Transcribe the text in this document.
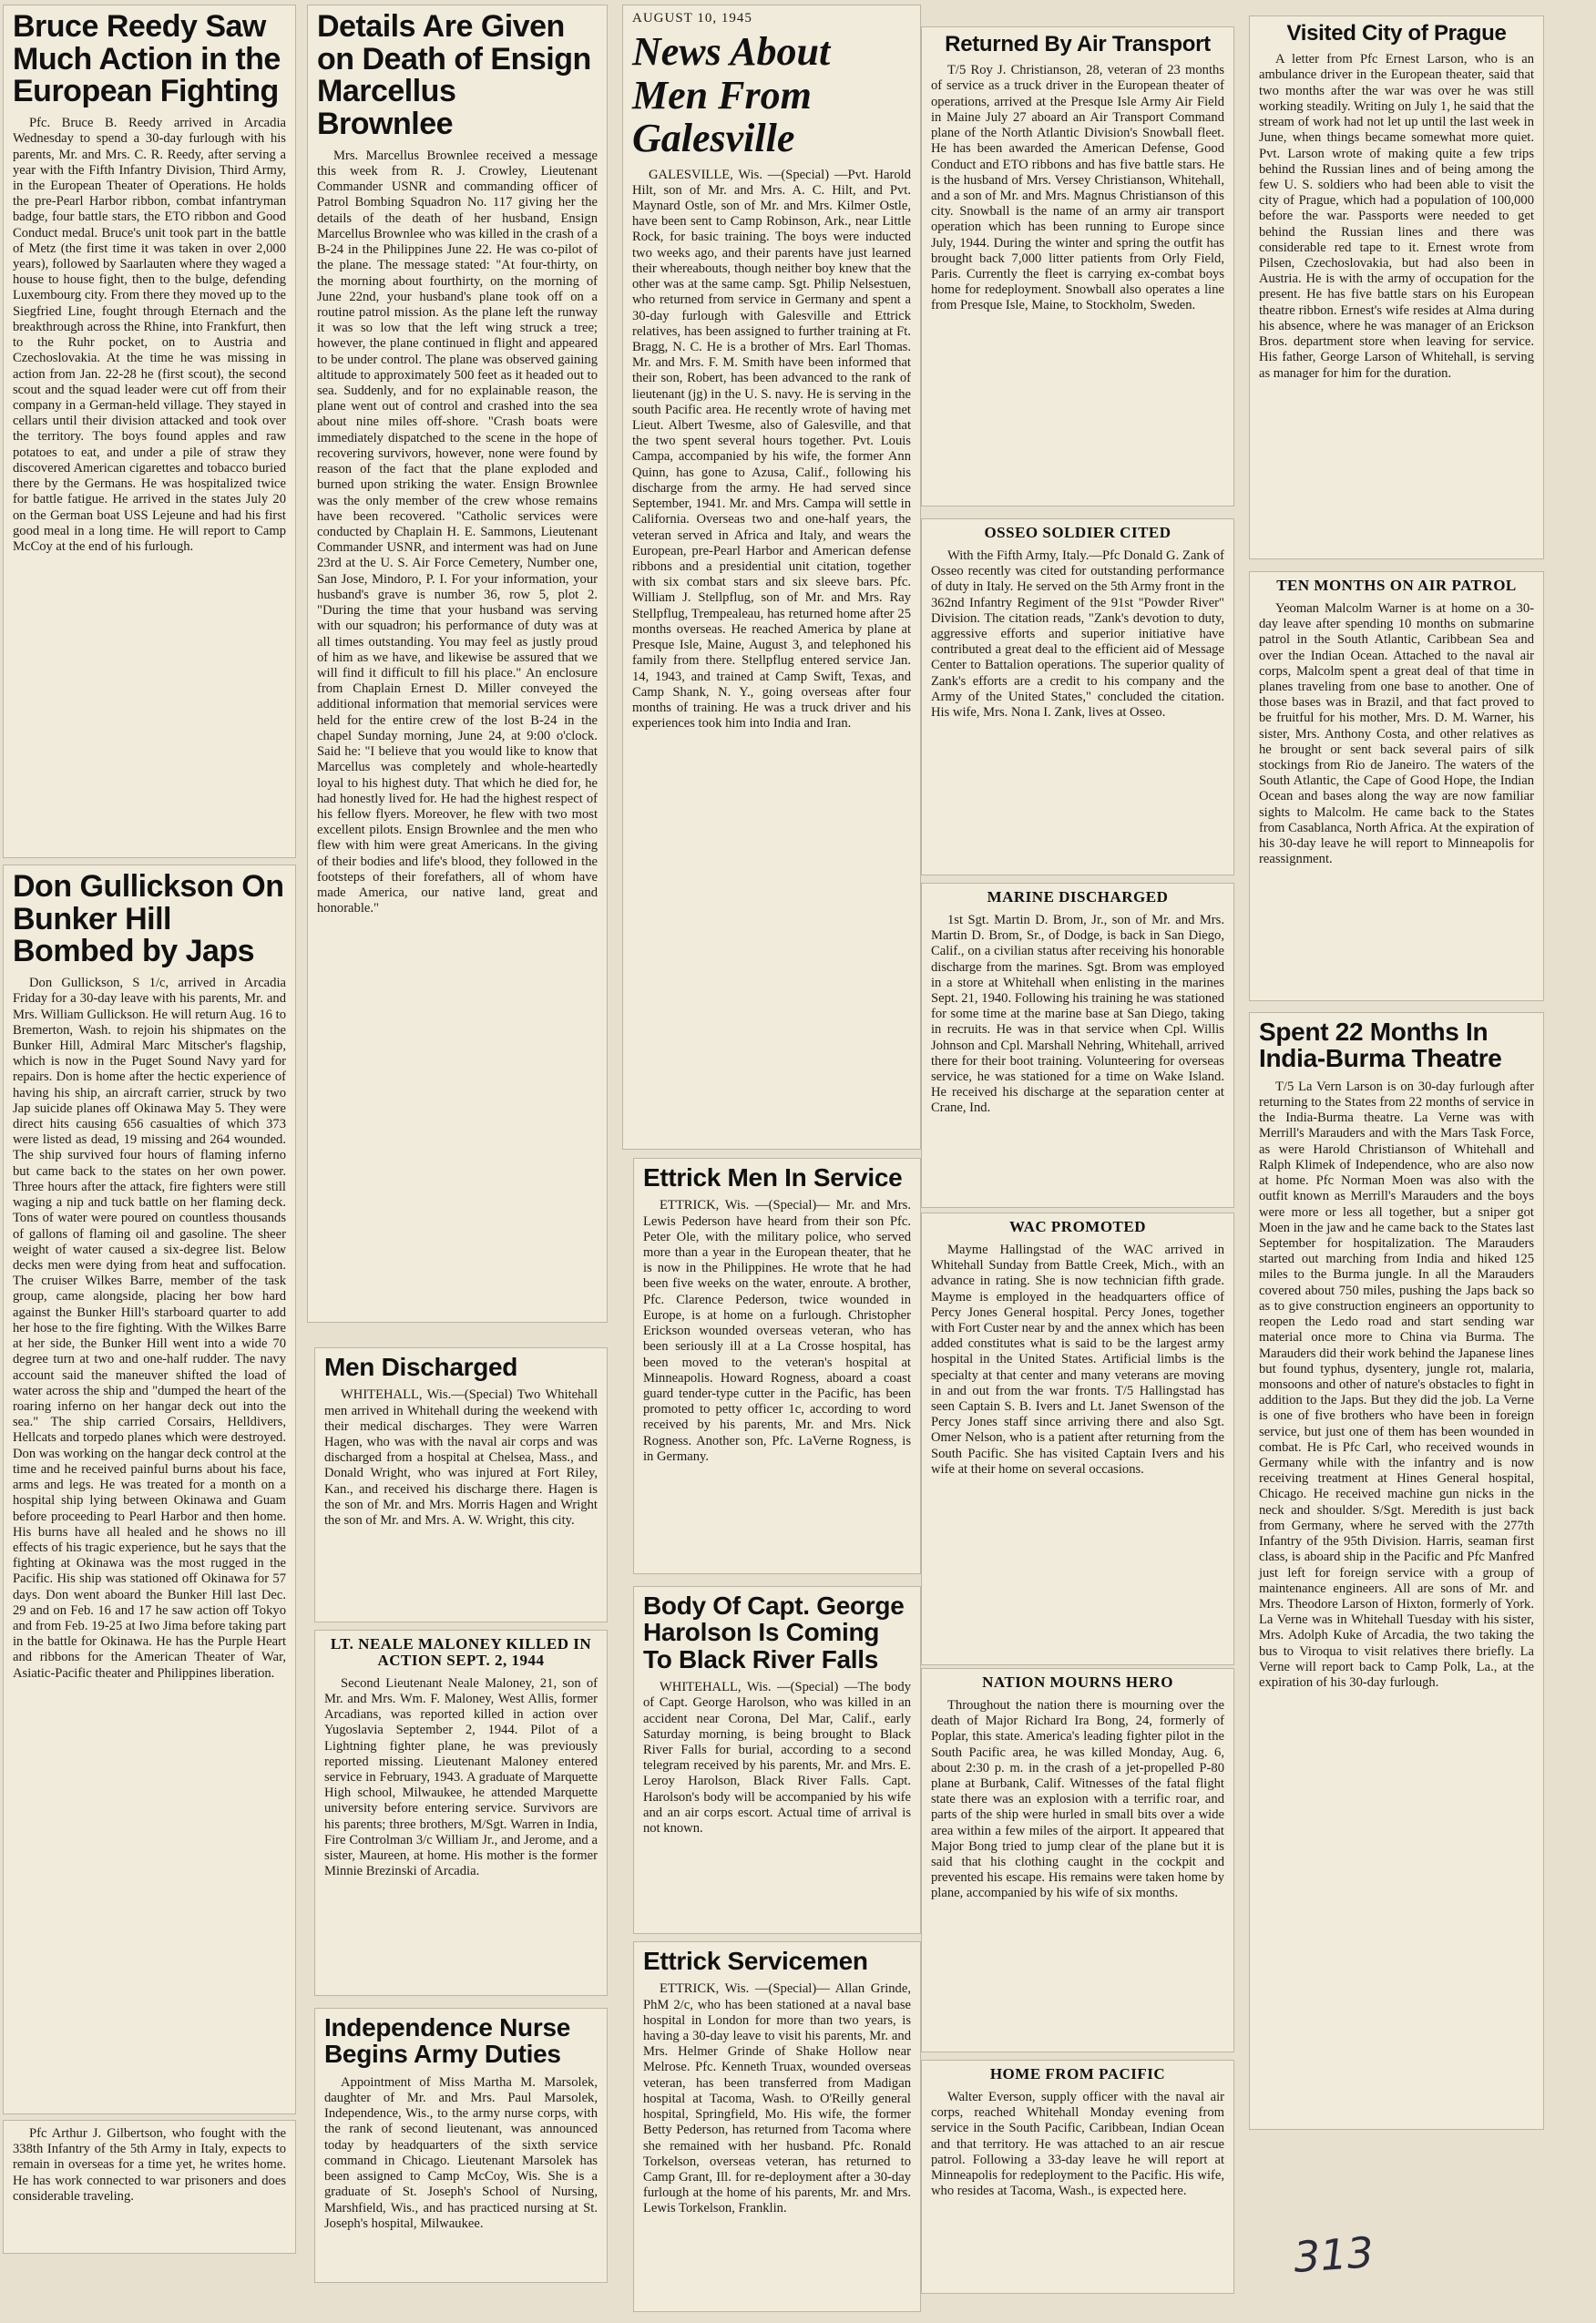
Bruce Reedy Saw Much Action in the European Fighting

Pfc. Bruce B. Reedy arrived in Arcadia Wednesday to spend a 30-day furlough with his parents, Mr. and Mrs. C. R. Reedy, after serving a year with the Fifth Infantry Division, Third Army, in the European Theater of Operations. He holds the pre-Pearl Harbor ribbon, combat infantryman badge, four battle stars, the ETO ribbon and Good Conduct medal. Bruce's unit took part in the battle of Metz (the first time it was taken in over 2,000 years), followed by Saarlauten where they waged a house to house fight, then to the bulge, defending Luxembourg city. From there they moved up to the Siegfried Line, fought through Eternach and the breakthrough across the Rhine, into Frankfurt, then to the Ruhr pocket, on to Austria and Czechoslovakia. At the time he was missing in action from Jan. 22-28 he (first scout), the second scout and the squad leader were cut off from their company in a German-held village. They stayed in cellars until their division attacked and took over the territory. The boys found apples and raw potatoes to eat, and under a pile of straw they discovered American cigarettes and tobacco buried there by the Germans. He was hospitalized twice for battle fatigue. He arrived in the states July 20 on the German boat USS Lejeune and had his first good meal in a long time. He will report to Camp McCoy at the end of his furlough.

Don Gullickson On Bunker Hill Bombed by Japs

Don Gullickson, S 1/c, arrived in Arcadia Friday for a 30-day leave with his parents, Mr. and Mrs. William Gullickson. He will return Aug. 16 to Bremerton, Wash. to rejoin his shipmates on the Bunker Hill, Admiral Marc Mitscher's flagship, which is now in the Puget Sound Navy yard for repairs. Don is home after the hectic experience of having his ship, an aircraft carrier, struck by two Jap suicide planes off Okinawa May 5. They were direct hits causing 656 casualties of which 373 were listed as dead, 19 missing and 264 wounded. The ship survived four hours of flaming inferno but came back to the states on her own power. Three hours after the attack, fire fighters were still waging a nip and tuck battle on her flaming deck. Tons of water were poured on countless thousands of gallons of flaming oil and gasoline. The sheer weight of water caused a six-degree list. Below decks men were dying from heat and suffocation. The cruiser Wilkes Barre, member of the task group, came alongside, placing her bow hard against the Bunker Hill's starboard quarter to add her hose to the fire fighting. With the Wilkes Barre at her side, the Bunker Hill went into a wide 70 degree turn at two and one-half rudder. The navy account said the maneuver shifted the load of water across the ship and "dumped the heart of the roaring inferno on her hangar deck out into the sea." The ship carried Corsairs, Helldivers, Hellcats and torpedo planes which were destroyed. Don was working on the hangar deck control at the time and he received painful burns about his face, arms and legs. He was treated for a month on a hospital ship lying between Okinawa and Guam before proceeding to Pearl Harbor and then home. His burns have all healed and he shows no ill effects of his tragic experience, but he says that the fighting at Okinawa was the most rugged in the Pacific. His ship was stationed off Okinawa for 57 days. Don went aboard the Bunker Hill last Dec. 29 and on Feb. 16 and 17 he saw action off Tokyo and from Feb. 19-25 at Iwo Jima before taking part in the battle for Okinawa. He has the Purple Heart and ribbons for the American Theater of War, Asiatic-Pacific theater and Philippines liberation.

Pfc Arthur J. Gilbertson, who fought with the 338th Infantry of the 5th Army in Italy, expects to remain in overseas for a time yet, he writes home. He has work connected to war prisoners and does considerable traveling.

Details Are Given on Death of Ensign Marcellus Brownlee

Mrs. Marcellus Brownlee received a message this week from R. J. Crowley, Lieutenant Commander USNR and commanding officer of Patrol Bombing Squadron No. 117 giving her the details of the death of her husband, Ensign Marcellus Brownlee who was killed in the crash of a B-24 in the Philippines June 22. He was co-pilot of the plane. The message stated: "At four-thirty, on the morning about fourthirty, on the morning of June 22nd, your husband's plane took off on a routine patrol mission. As the plane left the runway it was so low that the left wing struck a tree; however, the plane continued in flight and appeared to be under control. The plane was observed gaining altitude to approximately 500 feet as it headed out to sea. Suddenly, and for no explainable reason, the plane went out of control and crashed into the sea about nine miles off-shore. "Crash boats were immediately dispatched to the scene in the hope of recovering survivors, however, none were found by reason of the fact that the plane exploded and burned upon striking the water. Ensign Brownlee was the only member of the crew whose remains have been recovered. "Catholic services were conducted by Chaplain H. E. Sammons, Lieutenant Commander USNR, and interment was had on June 23rd at the U. S. Air Force Cemetery, Number one, San Jose, Mindoro, P. I. For your information, your husband's grave is number 36, row 5, plot 2. "During the time that your husband was serving with our squadron; his performance of duty was at all times outstanding. You may feel as justly proud of him as we have, and likewise be assured that we will find it difficult to fill his place." An enclosure from Chaplain Ernest D. Miller conveyed the additional information that memorial services were held for the entire crew of the lost B-24 in the chapel Sunday morning, June 24, at 9:00 o'clock. Said he: "I believe that you would like to know that Marcellus was completely and whole-heartedly loyal to his highest duty. That which he died for, he had honestly lived for. He had the highest respect of his fellow flyers. Moreover, he flew with two most excellent pilots. Ensign Brownlee and the men who flew with him were great Americans. In the giving of their bodies and life's blood, they followed in the footsteps of their forefathers, all of whom have made America, our native land, great and honorable."

Men Discharged

WHITEHALL, Wis.—(Special) Two Whitehall men arrived in Whitehall during the weekend with their medical discharges. They were Warren Hagen, who was with the naval air corps and was discharged from a hospital at Chelsea, Mass., and Donald Wright, who was injured at Fort Riley, Kan., and received his discharge there. Hagen is the son of Mr. and Mrs. Morris Hagen and Wright the son of Mr. and Mrs. A. W. Wright, this city.

LT. NEALE MALONEY KILLED IN ACTION SEPT. 2, 1944

Second Lieutenant Neale Maloney, 21, son of Mr. and Mrs. Wm. F. Maloney, West Allis, former Arcadians, was reported killed in action over Yugoslavia September 2, 1944. Pilot of a Lightning fighter plane, he was previously reported missing. Lieutenant Maloney entered service in February, 1943. A graduate of Marquette High school, Milwaukee, he attended Marquette university before entering service. Survivors are his parents; three brothers, M/Sgt. Warren in India, Fire Controlman 3/c William Jr., and Jerome, and a sister, Maureen, at home. His mother is the former Minnie Brezinski of Arcadia.

Independence Nurse Begins Army Duties

Appointment of Miss Martha M. Marsolek, daughter of Mr. and Mrs. Paul Marsolek, Independence, Wis., to the army nurse corps, with the rank of second lieutenant, was announced today by headquarters of the sixth service command in Chicago. Lieutenant Marsolek has been assigned to Camp McCoy, Wis. She is a graduate of St. Joseph's School of Nursing, Marshfield, Wis., and has practiced nursing at St. Joseph's hospital, Milwaukee.

AUGUST 10, 1945
News About Men From Galesville

GALESVILLE, Wis. —(Special) —Pvt. Harold Hilt, son of Mr. and Mrs. A. C. Hilt, and Pvt. Maynard Ostle, son of Mr. and Mrs. Kilmer Ostle, have been sent to Camp Robinson, Ark., near Little Rock, for basic training. The boys were inducted two weeks ago, and their parents have just learned their whereabouts, though neither boy knew that the other was at the same camp. Sgt. Philip Nelsestuen, who returned from service in Germany and spent a 30-day furlough with Galesville and Ettrick relatives, has been assigned to further training at Ft. Bragg, N. C. He is a brother of Mrs. Earl Thomas. Mr. and Mrs. F. M. Smith have been informed that their son, Robert, has been advanced to the rank of lieutenant (jg) in the U. S. navy. He is serving in the south Pacific area. He recently wrote of having met Lieut. Albert Twesme, also of Galesville, and that the two spent several hours together. Pvt. Louis Campa, accompanied by his wife, the former Ann Quinn, has gone to Azusa, Calif., following his discharge from the army. He had served since September, 1941. Mr. and Mrs. Campa will settle in California. Overseas two and one-half years, the veteran served in Africa and Italy, and wears the European, pre-Pearl Harbor and American defense ribbons and a presidential unit citation, together with six combat stars and six sleeve bars. Pfc. William J. Stellpflug, son of Mr. and Mrs. Ray Stellpflug, Trempealeau, has returned home after 25 months overseas. He reached America by plane at Presque Isle, Maine, August 3, and telephoned his family from there. Stellpflug entered service Jan. 14, 1943, and trained at Camp Swift, Texas, and Camp Shank, N. Y., going overseas after four months of training. He was a truck driver and his experiences took him into India and Iran.

Ettrick Men In Service

ETTRICK, Wis. —(Special)— Mr. and Mrs. Lewis Pederson have heard from their son Pfc. Peter Ole, with the military police, who served more than a year in the European theater, that he is now in the Philippines. He wrote that he had been five weeks on the water, enroute. A brother, Pfc. Clarence Pederson, twice wounded in Europe, is at home on a furlough. Christopher Erickson wounded overseas veteran, who has been seriously ill at a La Crosse hospital, has been moved to the veteran's hospital at Minneapolis. Howard Rogness, aboard a coast guard tender-type cutter in the Pacific, has been promoted to petty officer 1c, according to word received by his parents, Mr. and Mrs. Nick Rogness. Another son, Pfc. LaVerne Rogness, is in Germany.

Body Of Capt. George Harolson Is Coming To Black River Falls

WHITEHALL, Wis. —(Special) —The body of Capt. George Harolson, who was killed in an accident near Corona, Del Mar, Calif., early Saturday morning, is being brought to Black River Falls for burial, according to a second telegram received by his parents, Mr. and Mrs. E. Leroy Harolson, Black River Falls. Capt. Harolson's body will be accompanied by his wife and an air corps escort. Actual time of arrival is not known.

Ettrick Servicemen

ETTRICK, Wis. —(Special)— Allan Grinde, PhM 2/c, who has been stationed at a naval base hospital in London for more than two years, is having a 30-day leave to visit his parents, Mr. and Mrs. Helmer Grinde of Shake Hollow near Melrose. Pfc. Kenneth Truax, wounded overseas veteran, has been transferred from Madigan hospital at Tacoma, Wash. to O'Reilly general hospital, Springfield, Mo. His wife, the former Betty Pederson, has returned from Tacoma where she remained with her husband. Pfc. Ronald Torkelson, overseas veteran, has returned to Camp Grant, Ill. for re-deployment after a 30-day furlough at the home of his parents, Mr. and Mrs. Lewis Torkelson, Franklin.

Returned By Air Transport

T/5 Roy J. Christianson, 28, veteran of 23 months of service as a truck driver in the European theater of operations, arrived at the Presque Isle Army Air Field in Maine July 27 aboard an Air Transport Command plane of the North Atlantic Division's Snowball fleet. He has been awarded the American Defense, Good Conduct and ETO ribbons and has five battle stars. He is the husband of Mrs. Versey Christianson, Whitehall, and a son of Mr. and Mrs. Magnus Christianson of this city. Snowball is the name of an army air transport operation which has been running to Europe since July, 1944. During the winter and spring the outfit has brought back 7,000 litter patients from Orly Field, Paris. Currently the fleet is carrying ex-combat boys home for redeployment. Snowball also operates a line from Presque Isle, Maine, to Stockholm, Sweden.

OSSEO SOLDIER CITED

With the Fifth Army, Italy.—Pfc Donald G. Zank of Osseo recently was cited for outstanding performance of duty in Italy. He served on the 5th Army front in the 362nd Infantry Regiment of the 91st "Powder River" Division. The citation reads, "Zank's devotion to duty, aggressive efforts and superior initiative have contributed a great deal to the efficient aid of Message Center to Battalion operations. The superior quality of Zank's efforts are a credit to his company and the Army of the United States," concluded the citation. His wife, Mrs. Nona I. Zank, lives at Osseo.

MARINE DISCHARGED

1st Sgt. Martin D. Brom, Jr., son of Mr. and Mrs. Martin D. Brom, Sr., of Dodge, is back in San Diego, Calif., on a civilian status after receiving his honorable discharge from the marines. Sgt. Brom was employed in a store at Whitehall when enlisting in the marines Sept. 21, 1940. Following his training he was stationed for some time at the marine base at San Diego, taking in recruits. He was in that service when Cpl. Willis Johnson and Cpl. Marshall Nehring, Whitehall, arrived there for their boot training. Volunteering for overseas service, he was stationed for a time on Wake Island. He received his discharge at the separation center at Crane, Ind.

WAC PROMOTED

Mayme Hallingstad of the WAC arrived in Whitehall Sunday from Battle Creek, Mich., with an advance in rating. She is now technician fifth grade. Mayme is employed in the headquarters office of Percy Jones General hospital. Percy Jones, together with Fort Custer near by and the annex which has been added constitutes what is said to be the largest army hospital in the United States. Artificial limbs is the specialty at that center and many veterans are moving in and out from the war fronts. T/5 Hallingstad has seen Captain S. B. Ivers and Lt. Janet Swenson of the Percy Jones staff since arriving there and also Sgt. Omer Nelson, who is a patient after returning from the South Pacific. She has visited Captain Ivers and his wife at their home on several occasions.

NATION MOURNS HERO

Throughout the nation there is mourning over the death of Major Richard Ira Bong, 24, formerly of Poplar, this state. America's leading fighter pilot in the South Pacific area, he was killed Monday, Aug. 6, about 2:30 p. m. in the crash of a jet-propelled P-80 plane at Burbank, Calif. Witnesses of the fatal flight state there was an explosion with a terrific roar, and parts of the ship were hurled in small bits over a wide area within a few miles of the airport. It appeared that Major Bong tried to jump clear of the plane but it is said that his clothing caught in the cockpit and prevented his escape. His remains were taken home by plane, accompanied by his wife of six months.

HOME FROM PACIFIC

Walter Everson, supply officer with the naval air corps, reached Whitehall Monday evening from service in the South Pacific, Caribbean, Indian Ocean and that territory. He was attached to an air rescue patrol. Following a 33-day leave he will report at Minneapolis for redeployment to the Pacific. His wife, who resides at Tacoma, Wash., is expected here.

Visited City of Prague

A letter from Pfc Ernest Larson, who is an ambulance driver in the European theater, said that two months after the war was over he was still working steadily. Writing on July 1, he said that the stream of work had not let up until the last week in June, when things became somewhat more quiet. Pvt. Larson wrote of making quite a few trips behind the Russian lines and of being among the few U. S. soldiers who had been able to visit the city of Prague, which had a population of 100,000 before the war. Passports were needed to get behind the Russian lines and there was considerable red tape to it. Ernest wrote from Pilsen, Czechoslovakia, but had also been in Austria. He is with the army of occupation for the present. He has five battle stars on his European theatre ribbon. Ernest's wife resides at Alma during his absence, where he was manager of an Erickson Bros. department store when leaving for service. His father, George Larson of Whitehall, is serving as manager for him for the duration.

TEN MONTHS ON AIR PATROL

Yeoman Malcolm Warner is at home on a 30-day leave after spending 10 months on submarine patrol in the South Atlantic, Caribbean Sea and over the Indian Ocean. Attached to the naval air corps, Malcolm spent a great deal of that time in planes traveling from one base to another. One of those bases was in Brazil, and that fact proved to be fruitful for his mother, Mrs. D. M. Warner, his sister, Mrs. Anthony Costa, and other relatives as he brought or sent back several pairs of silk stockings from Rio de Janeiro. The waters of the South Atlantic, the Cape of Good Hope, the Indian Ocean and bases along the way are now familiar sights to Malcolm. He came back to the States from Casablanca, North Africa. At the expiration of his 30-day leave he will report to Minneapolis for reassignment.

Spent 22 Months In India-Burma Theatre

T/5 La Vern Larson is on 30-day furlough after returning to the States from 22 months of service in the India-Burma theatre. La Verne was with Merrill's Marauders and with the Mars Task Force, as were Harold Christianson of Whitehall and Ralph Klimek of Independence, who are also now at home. Pfc Norman Moen was also with the outfit known as Merrill's Marauders and the boys were more or less all together, but a sniper got Moen in the jaw and he came back to the States last September for hospitalization. The Marauders started out marching from India and hiked 125 miles to the Burma jungle. In all the Marauders covered about 750 miles, pushing the Japs back so as to give construction engineers an opportunity to reopen the Ledo road and start sending war material once more to China via Burma. The Marauders did their work behind the Japanese lines but found typhus, dysentery, jungle rot, malaria, monsoons and other of nature's obstacles to fight in addition to the Japs. But they did the job. La Verne is one of five brothers who have been in foreign service, but just one of them has been wounded in combat. He is Pfc Carl, who received wounds in Germany while with the infantry and is now receiving treatment at Hines General hospital, Chicago. He received machine gun nicks in the neck and shoulder. S/Sgt. Meredith is just back from Germany, where he served with the 277th Infantry of the 95th Division. Harris, seaman first class, is aboard ship in the Pacific and Pfc Manfred just left for foreign service with a group of maintenance engineers. All are sons of Mr. and Mrs. Theodore Larson of Hixton, formerly of York. La Verne was in Whitehall Tuesday with his sister, Mrs. Adolph Kuke of Arcadia, the two taking the bus to Viroqua to visit relatives there briefly. La Verne will report back to Camp Polk, La., at the expiration of his 30-day furlough.

313
